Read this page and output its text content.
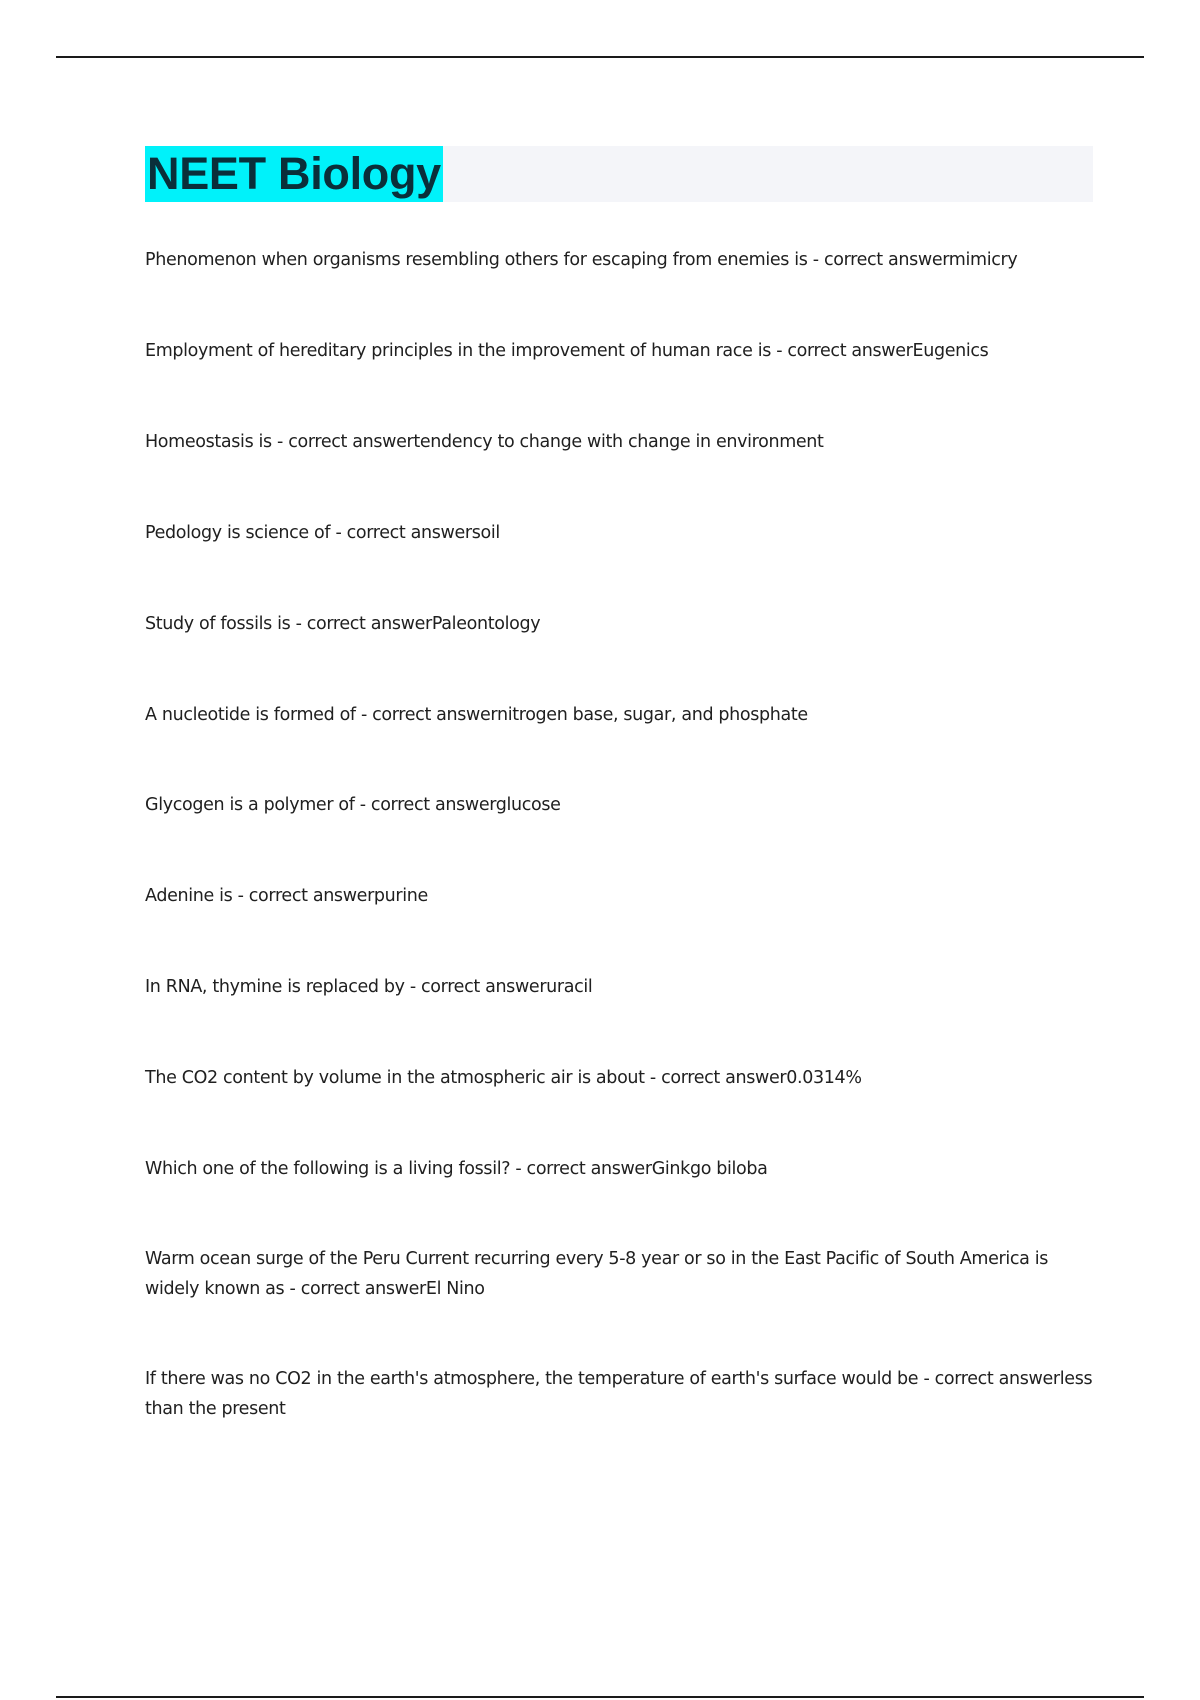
NEET Biology
Phenomenon when organisms resembling others for escaping from enemies is - correct answermimicry
Employment of hereditary principles in the improvement of human race is - correct answerEugenics
Homeostasis is - correct answertendency to change with change in environment
Pedology is science of - correct answersoil
Study of fossils is - correct answerPaleontology
A nucleotide is formed of - correct answernitrogen base, sugar, and phosphate
Glycogen is a polymer of - correct answerglucose
Adenine is - correct answerpurine
In RNA, thymine is replaced by - correct answeruracil
The CO2 content by volume in the atmospheric air is about - correct answer0.0314%
Which one of the following is a living fossil? - correct answerGinkgo biloba
Warm ocean surge of the Peru Current recurring every 5-8 year or so in the East Pacific of South America is widely known as - correct answerEl Nino
If there was no CO2 in the earth's atmosphere, the temperature of earth's surface would be - correct answerless than the present
